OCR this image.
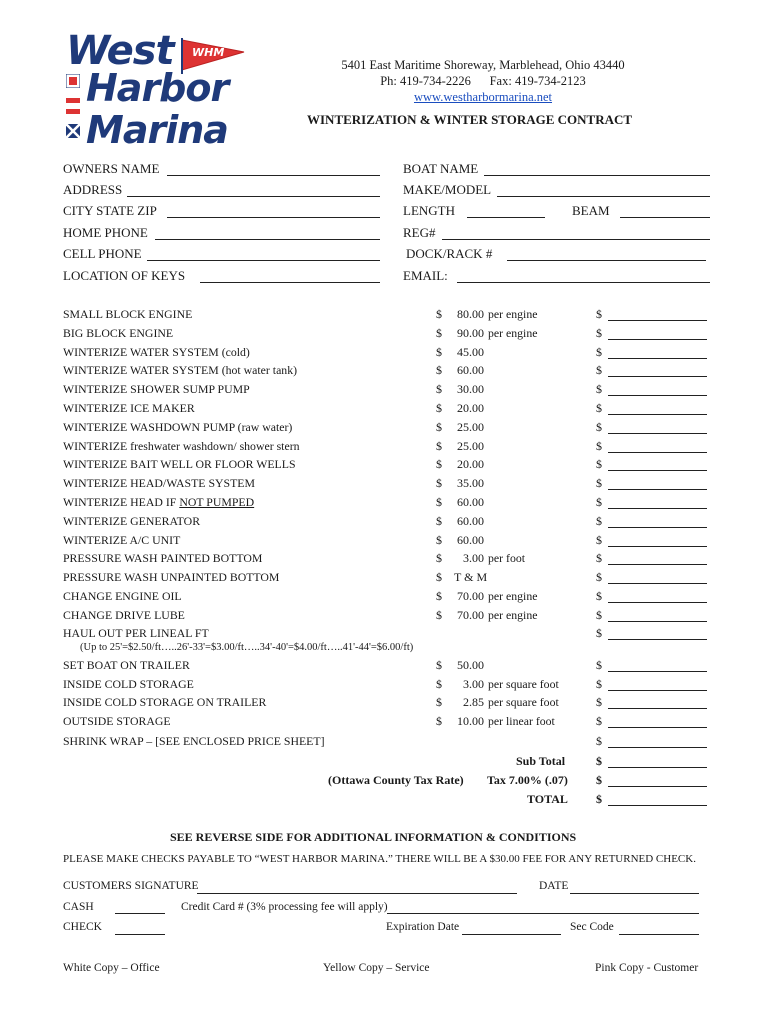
West WHM
Harbor
Marina
5401 East Maritime Shoreway, Marblehead, Ohio 43440
Ph: 419-734-2226 Fax: 419-734-2123
www.westharbormarina.net
WINTERIZATION & WINTER STORAGE CONTRACT
OWNERS NAME
ADDRESS
CITY STATE ZIP
HOME PHONE
CELL PHONE
LOCATION OF KEYS
BOAT NAME
MAKE/MODEL
LENGTH	BEAM
REG#
DOCK/RACK #
EMAIL:
SMALL BLOCK ENGINE	$ 80.00 per engine	$
BIG BLOCK ENGINE	$ 90.00 per engine	$
WINTERIZE WATER SYSTEM (cold)	$ 45.00	$
WINTERIZE WATER SYSTEM (hot water tank)	$ 60.00	$
WINTERIZE SHOWER SUMP PUMP	$ 30.00	$
WINTERIZE ICE MAKER	$ 20.00	$
WINTERIZE WASHDOWN PUMP (raw water)	$ 25.00	$
WINTERIZE freshwater washdown/ shower stern	$ 25.00	$
WINTERIZE BAIT WELL OR FLOOR WELLS	$ 20.00	$
WINTERIZE HEAD/WASTE SYSTEM	$ 35.00	$
WINTERIZE HEAD IF NOT PUMPED	$ 60.00	$
WINTERIZE GENERATOR	$ 60.00	$
WINTERIZE A/C UNIT	$ 60.00	$
PRESSURE WASH PAINTED BOTTOM	$ 3.00 per foot	$
PRESSURE WASH UNPAINTED BOTTOM	$ T & M	$
CHANGE ENGINE OIL	$ 70.00 per engine	$
CHANGE DRIVE LUBE	$ 70.00 per engine	$
HAUL OUT PER LINEAL FT
(Up to 25'=$2.50/ft…..26'-33'=$3.00/ft…..34'-40'=$4.00/ft…..41'-44'=$6.00/ft)
$
SET BOAT ON TRAILER	$ 50.00	$
INSIDE COLD STORAGE	$ 3.00 per square foot	$
INSIDE COLD STORAGE ON TRAILER	$ 2.85 per square foot	$
OUTSIDE STORAGE	$ 10.00 per linear foot	$
SHRINK WRAP – [SEE ENCLOSED PRICE SHEET]	$
Sub Total	$
(Ottawa County Tax Rate) Tax 7.00% (.07) $
TOTAL $
SEE REVERSE SIDE FOR ADDITIONAL INFORMATION & CONDITIONS
PLEASE MAKE CHECKS PAYABLE TO “WEST HARBOR MARINA.” THERE WILL BE A $30.00 FEE FOR ANY RETURNED CHECK.
CUSTOMERS SIGNATURE	DATE
CASH	Credit Card # (3% processing fee will apply)
CHECK	Expiration Date	Sec Code
White Copy – Office	Yellow Copy – Service	Pink Copy - Customer
